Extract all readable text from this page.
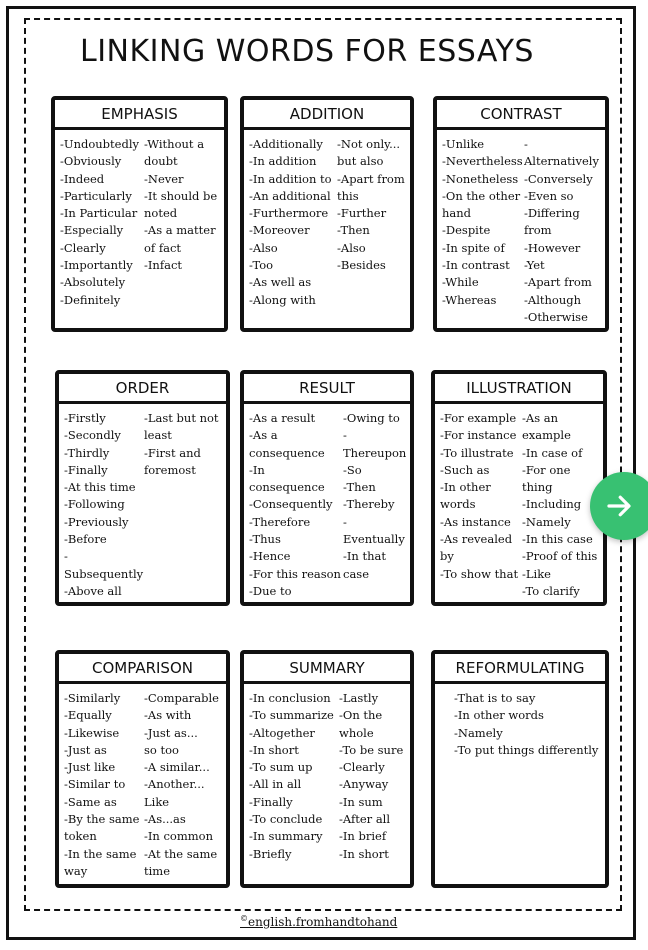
LINKING WORDS FOR ESSAYS
EMPHASIS
-Undoubtedly
-Obviously
-Indeed
-Particularly
-In Particular
-Especially
-Clearly
-Importantly
-Absolutely
-Definitely
-Without a
doubt
-Never
-It should be
noted
-As a matter
of fact
-Infact
ADDITION
-Additionally
-In addition
-In addition to
-An additional
-Furthermore
-Moreover
-Also
-Too
-As well as
-Along with
-Not only...
but also
-Apart from
this
-Further
-Then
-Also
-Besides
CONTRAST
-Unlike
-Nevertheless
-Nonetheless
-On the other
hand
-Despite
-In spite of
-In contrast
-While
-Whereas
-Alternatively
-Conversely
-Even so
-Differing
from
-However
-Yet
-Apart from
-Although
-Otherwise
ORDER
-Firstly
-Secondly
-Thirdly
-Finally
-At this time
-Following
-Previously
-Before
-Subsequently
-Above all
-Last but not
least
-First and
foremost
RESULT
-As a result
-As a
consequence
-In consequence
-Consequently
-Therefore
-Thus
-Hence
-For this reason
-Due to
-Owing to
-Thereupon
-So
-Then
-Thereby
-Eventually
-In that
case
ILLUSTRATION
-For example
-For instance
-To illustrate
-Such as
-In other
words
-As instance
-As revealed
by
-To show that
-As an
example
-In case of
-For one thing
-Including
-Namely
-In this case
-Proof of this
-Like
-To clarify
COMPARISON
-Similarly
-Equally
-Likewise
-Just as
-Just like
-Similar to
-Same as
-By the same
token
-In the same way
-Comparable
-As with
-Just as...
so too
-A similar...
-Another...
Like
-As...as
-In common
-At the same
time
SUMMARY
-In conclusion
-To summarize
-Altogether
-In short
-To sum up
-All in all
-Finally
-To conclude
-In summary
-Briefly
-Lastly
-On the
whole
-To be sure
-Clearly
-Anyway
-In sum
-After all
-In brief
-In short
REFORMULATING
-That is to say
-In other words
-Namely
-To put things differently
©english.fromhandtohand
